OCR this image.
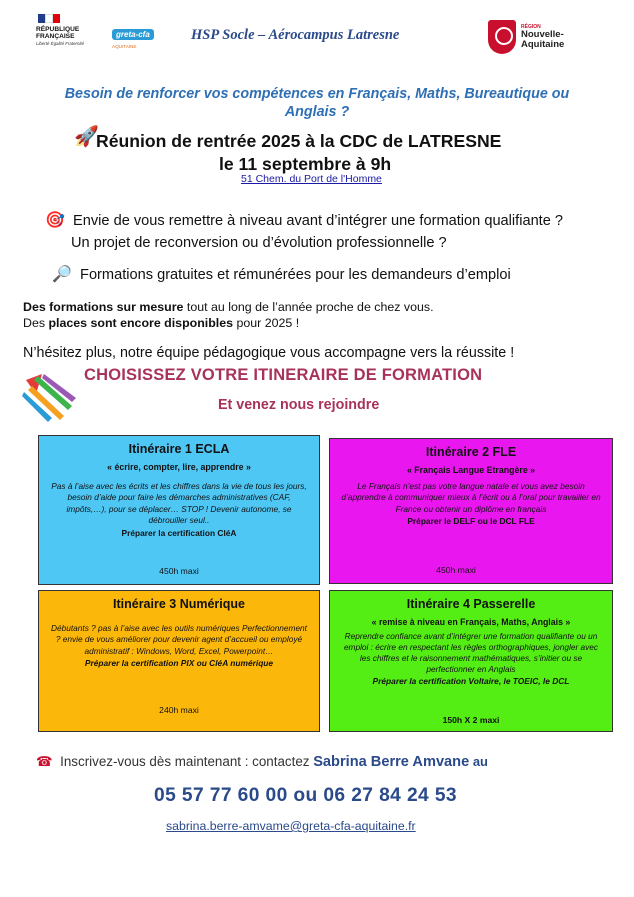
RÉPUBLIQUE FRANÇAISE
Liberté Égalité Fraternité
greta-cfa
AQUITAINE
HSP Socle – Aérocampus Latresne	RÉGION
Nouvelle-Aquitaine
Besoin de renforcer vos compétences en Français, Maths, Bureautique ou Anglais ?
🚀
Réunion de rentrée 2025 à la CDC de LATRESNE
le 11 septembre à 9h
51 Chem. du Port de l'Homme
🎯 Envie de vous remettre à niveau avant d’intégrer une formation qualifiante ?
Un projet de reconversion ou d’évolution professionnelle ?
🔎 Formations gratuites et rémunérées pour les demandeurs d’emploi
Des formations sur mesure tout au long de l’année proche de chez vous.
Des places sont encore disponibles pour 2025 !
N’hésitez plus, notre équipe pédagogique vous accompagne vers la réussite !
CHOISISSEZ VOTRE ITINERAIRE DE FORMATION
Et venez nous rejoindre
Itinéraire 1 ECLA
« écrire, compter, lire, apprendre »
Pas à l’aise avec les écrits et les chiffres dans la vie de tous les jours, besoin d’aide pour faire les démarches administratives (CAF, impôts,…), pour se déplacer… STOP ! Devenir autonome, se débrouiller seul..
Préparer la certification CléA
450h maxi
Itinéraire 2 FLE
« Français Langue Etrangère »
Le Français n’est pas votre langue natale et vous avez besoin d’apprendre à communiquer mieux à l’écrit ou à l’oral pour travailler en France ou obtenir un diplôme en français
Préparer le DELF ou le DCL FLE
450h maxi
Itinéraire 3 Numérique
Débutants ? pas à l’aise avec les outils numériques Perfectionnement ? envie de vous améliorer pour devenir agent d’accueil ou employé administratif : Windows, Word, Excel, Powerpoint…
Préparer la certification PIX ou CléA numérique
240h maxi
Itinéraire 4 Passerelle
« remise à niveau en Français, Maths, Anglais »
Reprendre confiance avant d’intégrer une formation qualifiante ou un emploi : écrire en respectant les règles orthographiques, jongler avec les chiffres et le raisonnement mathématiques, s’initier ou se perfectionner en Anglais
Préparer la certification Voltaire, le TOEIC, le DCL
150h X 2 maxi
☎ Inscrivez-vous dès maintenant : contactez Sabrina Berre Amvane au
05 57 77 60 00 ou 06 27 84 24 53
sabrina.berre-amvame@greta-cfa-aquitaine.fr
